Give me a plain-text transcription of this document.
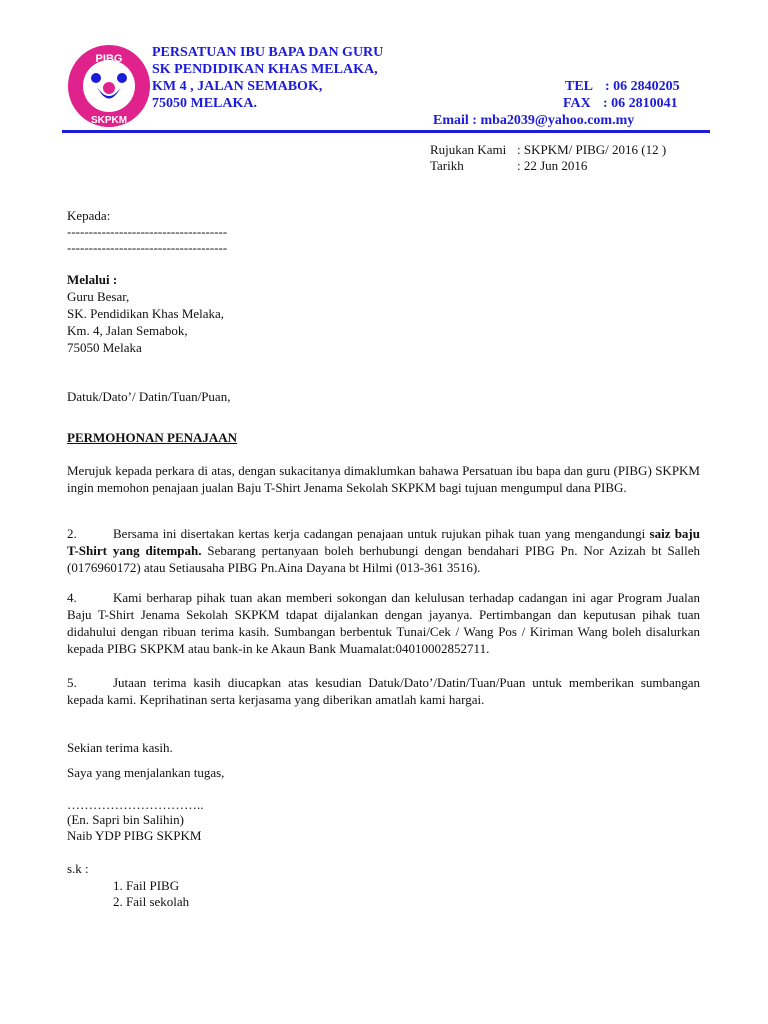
PIBG
SKPKM
PERSATUAN IBU BAPA DAN GURU
SK PENDIDIKAN KHAS MELAKA,
KM 4 , JALAN SEMABOK,
75050 MELAKA.
TEL : 06 2840205
FAX : 06 2810041
Email : mba2039@yahoo.com.my
Rujukan Kami : SKPKM/ PIBG/ 2016 (12 )
Tarikh	: 22 Jun 2016
Kepada:
-------------------------------------
-------------------------------------
Melalui :
Guru Besar,
SK. Pendidikan Khas Melaka,
Km. 4, Jalan Semabok,
75050 Melaka
Datuk/Dato’/ Datin/Tuan/Puan,
PERMOHONAN PENAJAAN
Merujuk kepada perkara di atas, dengan sukacitanya dimaklumkan bahawa Persatuan ibu bapa dan guru (PIBG) SKPKM ingin memohon penajaan jualan Baju T-Shirt Jenama Sekolah SKPKM bagi tujuan mengumpul dana PIBG.
2.	Bersama ini disertakan kertas kerja cadangan penajaan untuk rujukan pihak tuan yang mengandungi saiz baju T-Shirt yang ditempah. Sebarang pertanyaan boleh berhubungi dengan bendahari PIBG Pn. Nor Azizah bt Salleh (0176960172) atau Setiausaha PIBG Pn.Aina Dayana bt Hilmi (013-361 3516).
4.	Kami berharap pihak tuan akan memberi sokongan dan kelulusan terhadap cadangan ini agar Program Jualan Baju T-Shirt Jenama Sekolah SKPKM tdapat dijalankan dengan jayanya. Pertimbangan dan keputusan pihak tuan didahului dengan ribuan terima kasih. Sumbangan berbentuk Tunai/Cek / Wang Pos / Kiriman Wang boleh disalurkan kepada PIBG SKPKM atau bank-in ke Akaun Bank Muamalat:04010002852711.
5.	Jutaan terima kasih diucapkan atas kesudian Datuk/Dato’/Datin/Tuan/Puan untuk memberikan sumbangan kepada kami. Keprihatinan serta kerjasama yang diberikan amatlah kami hargai.
Sekian terima kasih.
Saya yang menjalankan tugas,
…………………………..
(En. Sapri bin Salihin)
Naib YDP PIBG SKPKM
s.k :
1. Fail PIBG
2. Fail sekolah
